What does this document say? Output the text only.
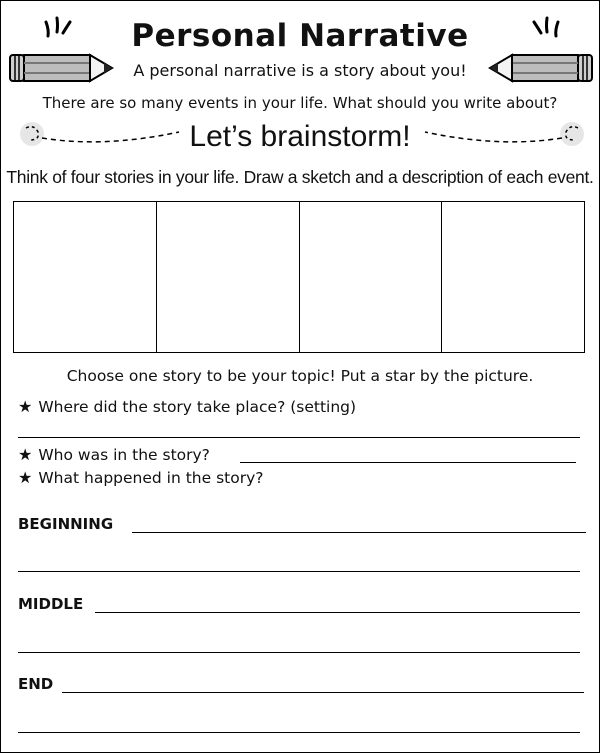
Personal Narrative
A personal narrative is a story about you!
There are so many events in your life. What should you write about?
Let’s brainstorm!
Think of four stories in your life. Draw a sketch and a description of each event.
Choose one story to be your topic! Put a star by the picture.
★ Where did the story take place? (setting)
★ Who was in the story?
★ What happened in the story?
BEGINNING
MIDDLE
END
